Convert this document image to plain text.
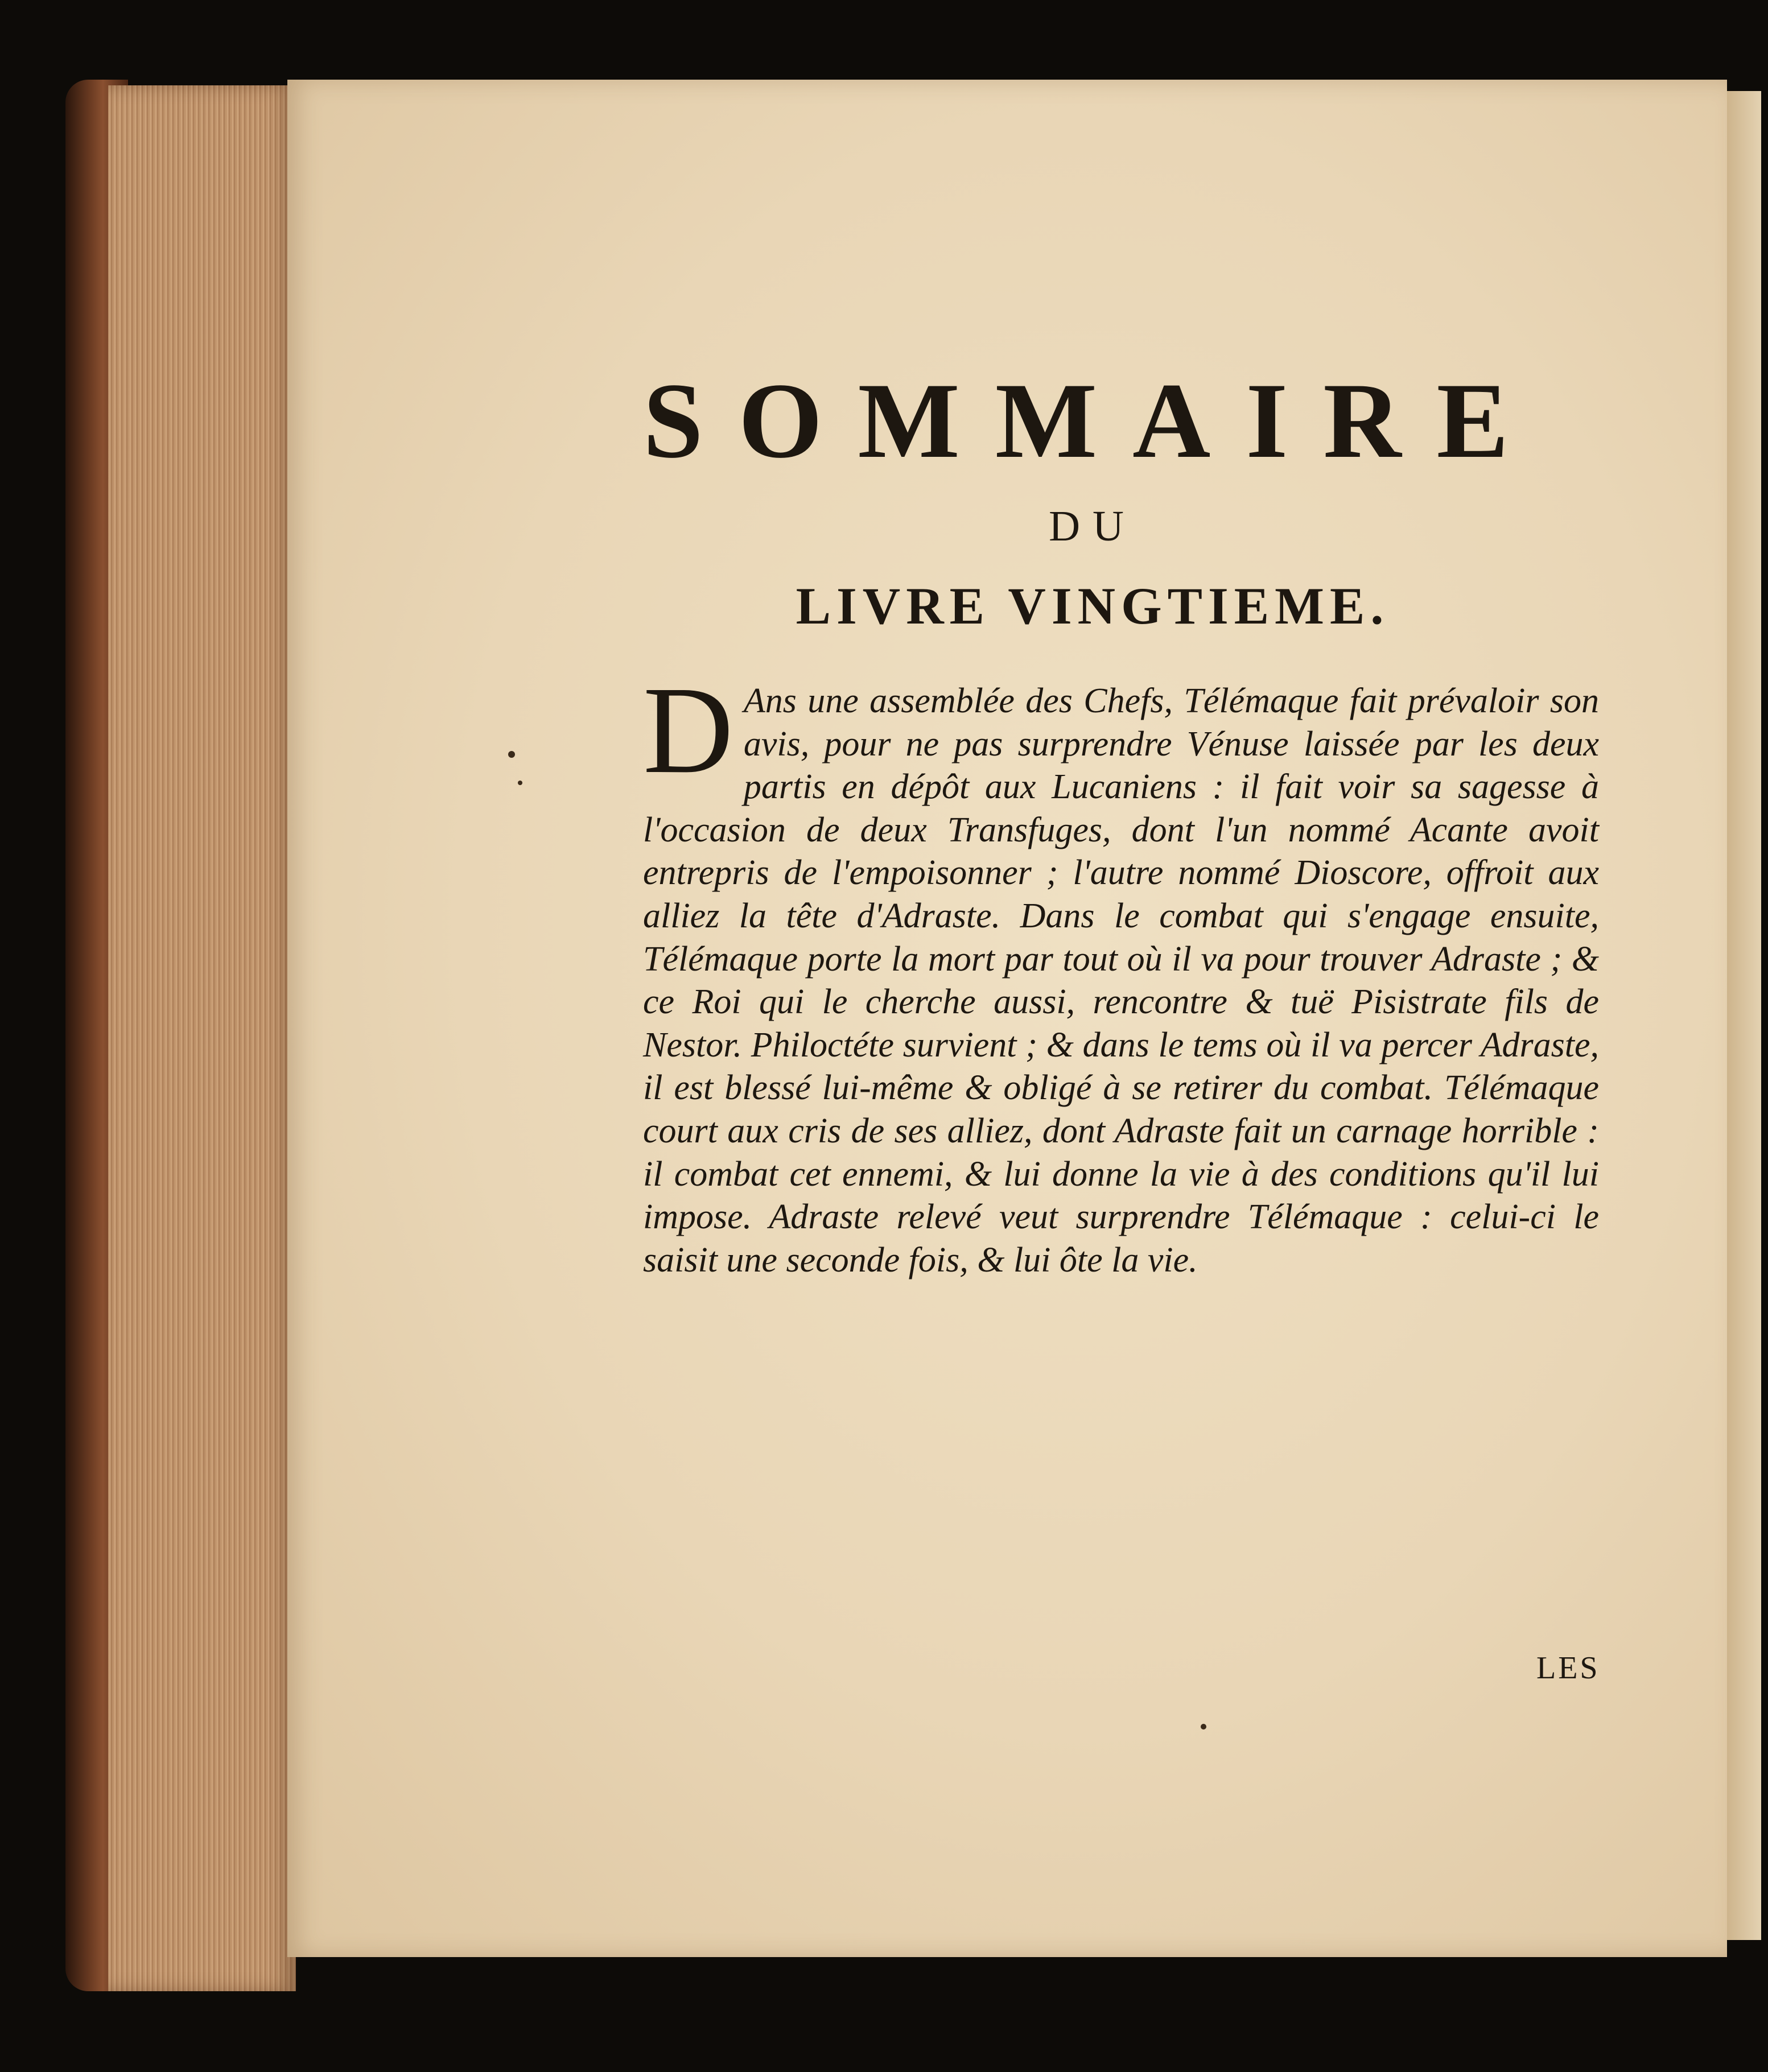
SOMMAIRE
DU
LIVRE VINGTIEME.

D Ans une assemblée des Chefs, Télémaque fait prévaloir son avis, pour ne pas surprendre Vénuse laissée par les deux partis en dépôt aux Lucaniens : il fait voir sa sagesse à l'occasion de deux Transfuges, dont l'un nommé Acante avoit entrepris de l'empoisonner ; l'autre nommé Dioscore, offroit aux alliez la tête d'Adraste. Dans le combat qui s'engage ensuite, Télémaque porte la mort par tout où il va pour trouver Adraste ; & ce Roi qui le cherche aussi, rencontre & tuë Pisistrate fils de Nestor. Philoctéte survient ; & dans le tems où il va percer Adraste, il est blessé lui-même & obligé à se retirer du combat. Télémaque court aux cris de ses alliez, dont Adraste fait un carnage horrible : il combat cet ennemi, & lui donne la vie à des conditions qu'il lui impose. Adraste relevé veut surprendre Télémaque : celui-ci le saisit une seconde fois, & lui ôte la vie.

LES
